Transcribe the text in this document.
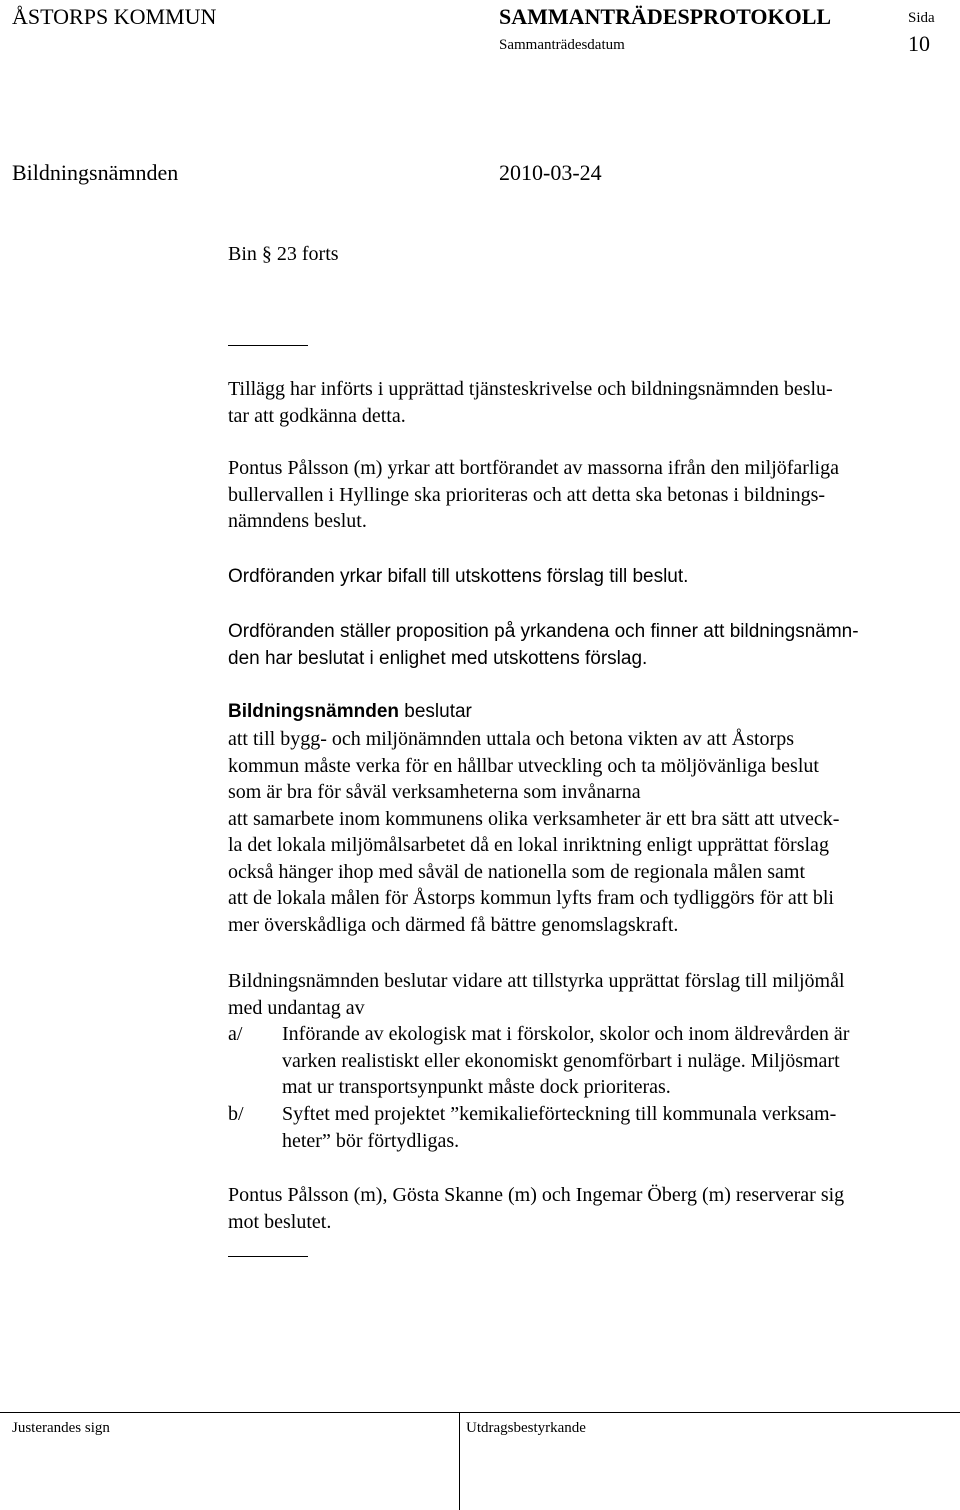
ÅSTORPS KOMMUN	SAMMANTRÄDESPROTOKOLL	Sida
Sammanträdesdatum	10
Bildningsnämnden	2010-03-24
Bin § 23 forts
Tillägg har införts i upprättad tjänsteskrivelse och bildningsnämnden beslu-
tar att godkänna detta.
Pontus Pålsson (m) yrkar att bortförandet av massorna ifrån den miljöfarliga
bullervallen i Hyllinge ska prioriteras och att detta ska betonas i bildnings-
nämndens beslut.
Ordföranden yrkar bifall till utskottens förslag till beslut.
Ordföranden ställer proposition på yrkandena och finner att bildningsnämn-
den har beslutat i enlighet med utskottens förslag.
Bildningsnämnden beslutar
att till bygg- och miljönämnden uttala och betona vikten av att Åstorps
kommun måste verka för en hållbar utveckling och ta möljövänliga beslut
som är bra för såväl verksamheterna som invånarna
att samarbete inom kommunens olika verksamheter är ett bra sätt att utveck-
la det lokala miljömålsarbetet då en lokal inriktning enligt upprättat förslag
också hänger ihop med såväl de nationella som de regionala målen samt
att de lokala målen för Åstorps kommun lyfts fram och tydliggörs för att bli
mer överskådliga och därmed få bättre genomslagskraft.
Bildningsnämnden beslutar vidare att tillstyrka upprättat förslag till miljömål
med undantag av
a/ Införande av ekologisk mat i förskolor, skolor och inom äldrevården är
varken realistiskt eller ekonomiskt genomförbart i nuläge. Miljösmart
mat ur transportsynpunkt måste dock prioriteras.
b/ Syftet med projektet ”kemikalieförteckning till kommunala verksam-
heter” bör förtydligas.
Pontus Pålsson (m), Gösta Skanne (m) och Ingemar Öberg (m) reserverar sig
mot beslutet.
Justerandes sign	Utdragsbestyrkande
